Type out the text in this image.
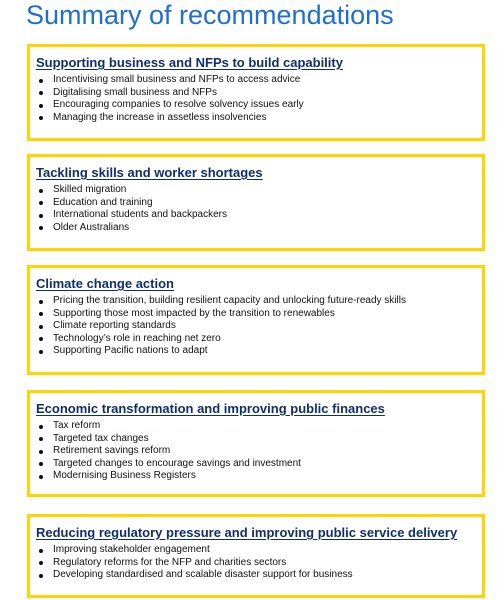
Summary of recommendations
Supporting business and NFPs to build capability
Incentivising small business and NFPs to access advice
Digitalising small business and NFPs
Encouraging companies to resolve solvency issues early
Managing the increase in assetless insolvencies
Tackling skills and worker shortages
Skilled migration
Education and training
International students and backpackers
Older Australians
Climate change action
Pricing the transition, building resilient capacity and unlocking future-ready skills
Supporting those most impacted by the transition to renewables
Climate reporting standards
Technology’s role in reaching net zero
Supporting Pacific nations to adapt
Economic transformation and improving public finances
Tax reform
Targeted tax changes
Retirement savings reform
Targeted changes to encourage savings and investment
Modernising Business Registers
Reducing regulatory pressure and improving public service delivery
Improving stakeholder engagement
Regulatory reforms for the NFP and charities sectors
Developing standardised and scalable disaster support for business
